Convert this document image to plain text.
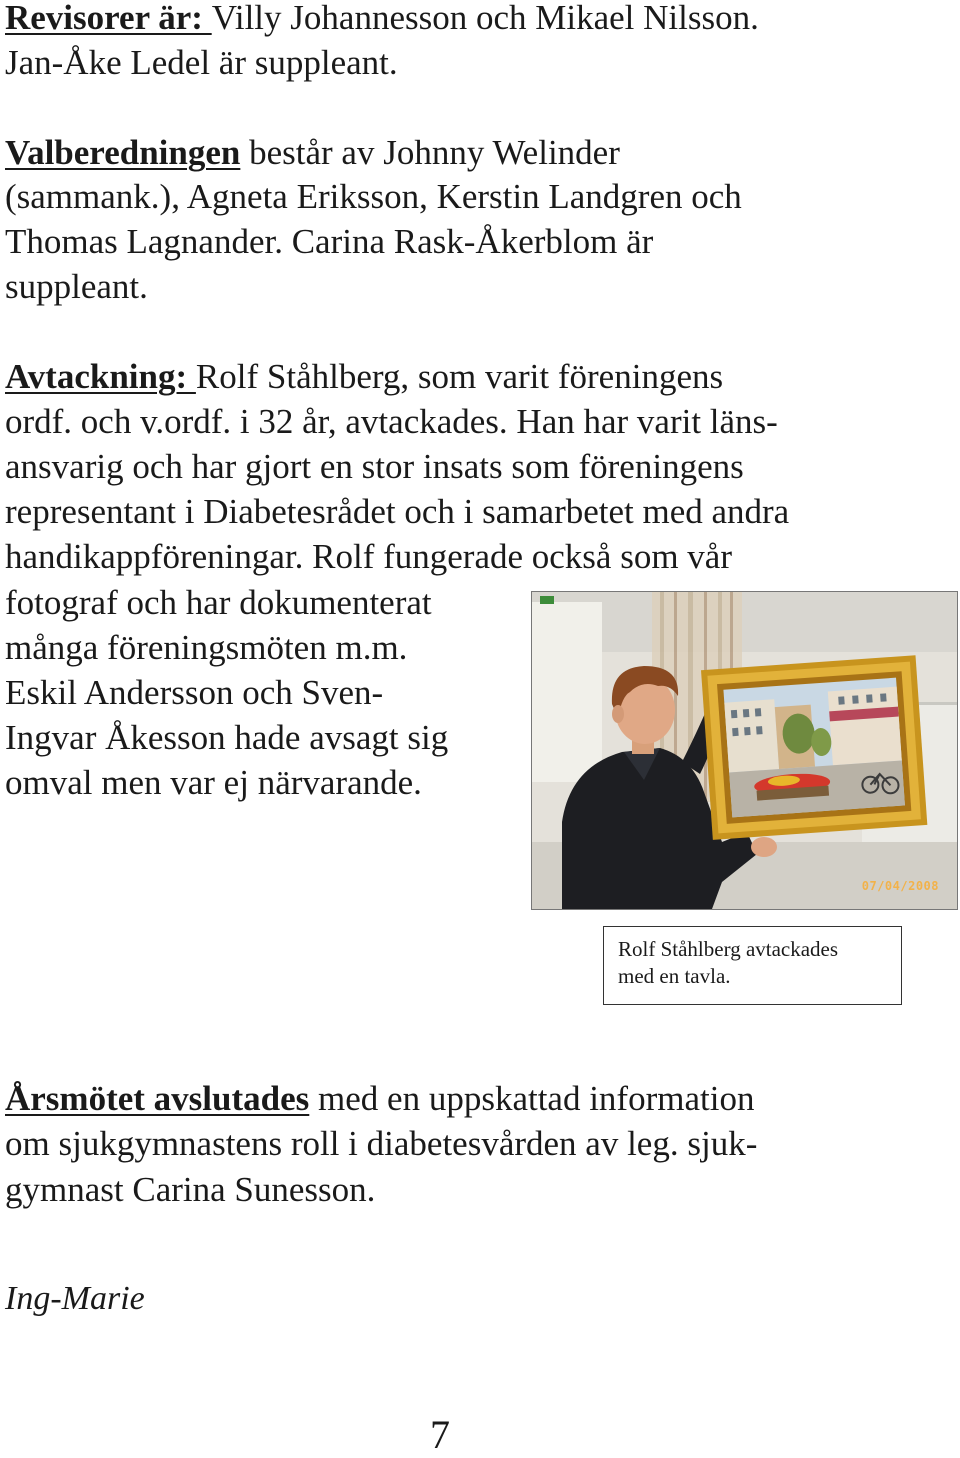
Revisorer är: Villy Johannesson och Mikael Nilsson.

Jan-Åke Ledel är suppleant.

Valberedningen består av Johnny Welinder

(sammank.), Agneta Eriksson, Kerstin Landgren och

Thomas Lagnander. Carina Rask-Åkerblom är

suppleant.

Avtackning: Rolf Ståhlberg, som varit föreningens

ordf. och v.ordf. i 32 år, avtackades. Han har varit läns-

ansvarig och har gjort en stor insats som föreningens

representant i Diabetesrådet och i samarbetet med andra

handikappföreningar. Rolf fungerade också som vår

fotograf och har dokumenterat

många föreningsmöten m.m.

Eskil Andersson och Sven-

Ingvar Åkesson hade avsagt sig

omval men var ej närvarande.

07/04/2008
Rolf Ståhlberg avtackades
med en tavla.

Årsmötet avslutades med en uppskattad information

om sjukgymnastens roll i diabetesvården av leg. sjuk-

gymnast Carina Sunesson.

Ing-Marie

7
